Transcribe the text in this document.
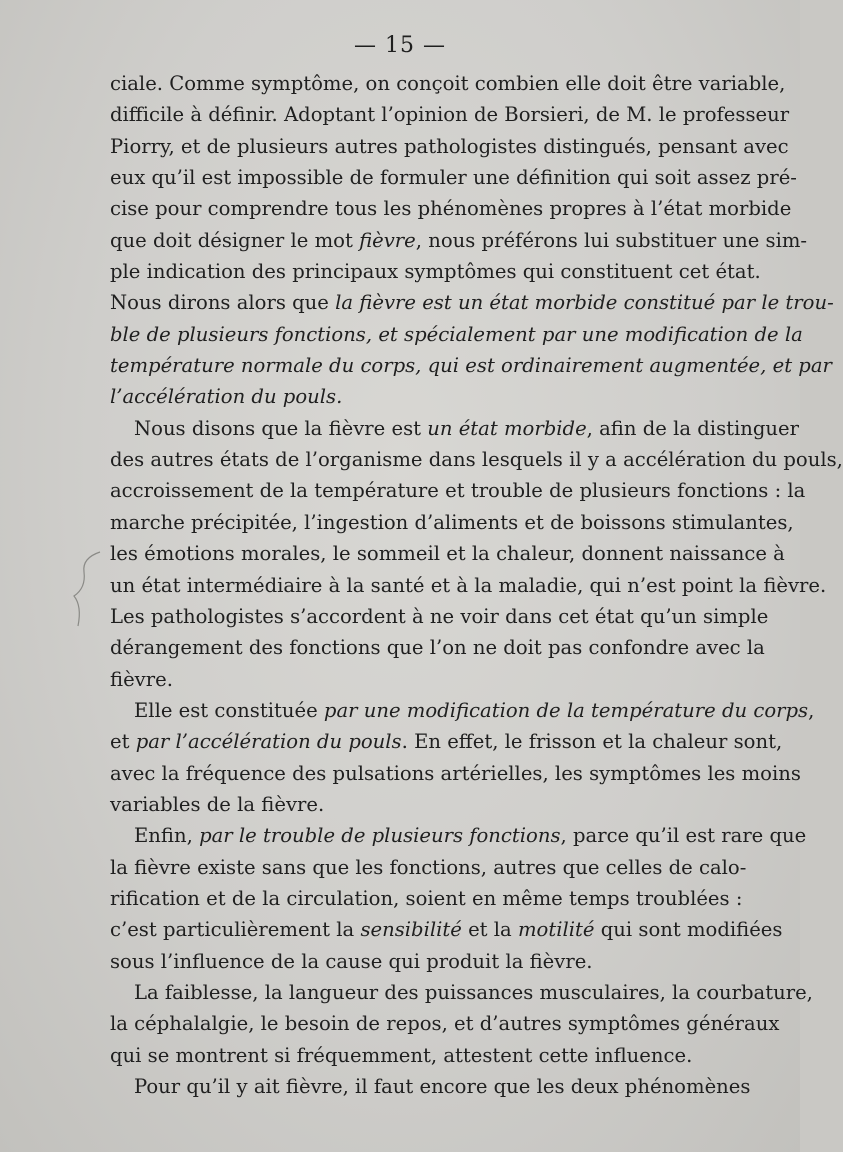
— 15 —
ciale. Comme symptôme, on conçoit combien elle doit être variable,
difficile à définir. Adoptant l’opinion de Borsieri, de M. le professeur
Piorry, et de plusieurs autres pathologistes distingués, pensant avec
eux qu’il est impossible de formuler une définition qui soit assez pré-
cise pour comprendre tous les phénomènes propres à l’état morbide
que doit désigner le mot fièvre, nous préférons lui substituer une sim-
ple indication des principaux symptômes qui constituent cet état.
Nous dirons alors que la fièvre est un état morbide constitué par le trou-
ble de plusieurs fonctions, et spécialement par une modification de la
température normale du corps, qui est ordinairement augmentée, et par
l’accélération du pouls.
Nous disons que la fièvre est un état morbide, afin de la distinguer
des autres états de l’organisme dans lesquels il y a accélération du pouls,
accroissement de la température et trouble de plusieurs fonctions : la
marche précipitée, l’ingestion d’aliments et de boissons stimulantes,
les émotions morales, le sommeil et la chaleur, donnent naissance à
un état intermédiaire à la santé et à la maladie, qui n’est point la fièvre.
Les pathologistes s’accordent à ne voir dans cet état qu’un simple
dérangement des fonctions que l’on ne doit pas confondre avec la
fièvre.
Elle est constituée par une modification de la température du corps,
et par l’accélération du pouls. En effet, le frisson et la chaleur sont,
avec la fréquence des pulsations artérielles, les symptômes les moins
variables de la fièvre.
Enfin, par le trouble de plusieurs fonctions, parce qu’il est rare que
la fièvre existe sans que les fonctions, autres que celles de calo-
rification et de la circulation, soient en même temps troublées :
c’est particulièrement la sensibilité et la motilité qui sont modifiées
sous l’influence de la cause qui produit la fièvre.
La faiblesse, la langueur des puissances musculaires, la courbature,
la céphalalgie, le besoin de repos, et d’autres symptômes généraux
qui se montrent si fréquemment, attestent cette influence.
Pour qu’il y ait fièvre, il faut encore que les deux phénomènes
